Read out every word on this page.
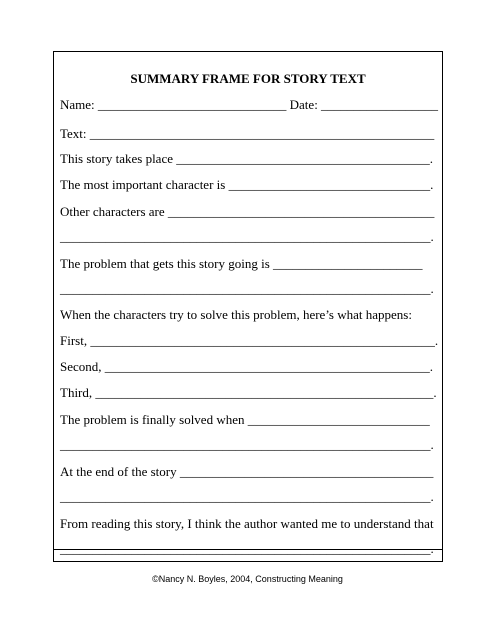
SUMMARY FRAME FOR STORY TEXT
Name: _____________________________ Date: __________________
Text: _____________________________________________________
This story takes place _______________________________________.
The most important character is _______________________________.
Other characters are _________________________________________
_________________________________________________________.
The problem that gets this story going is _______________________
_________________________________________________________.
When the characters try to solve this problem, here’s what happens:
First, _____________________________________________________.
Second, __________________________________________________.
Third, ____________________________________________________.
The problem is finally solved when ____________________________
_________________________________________________________.
At the end of the story _______________________________________
_________________________________________________________.
From reading this story, I think the author wanted me to understand that
_________________________________________________________.
©Nancy N. Boyles, 2004, Constructing Meaning
